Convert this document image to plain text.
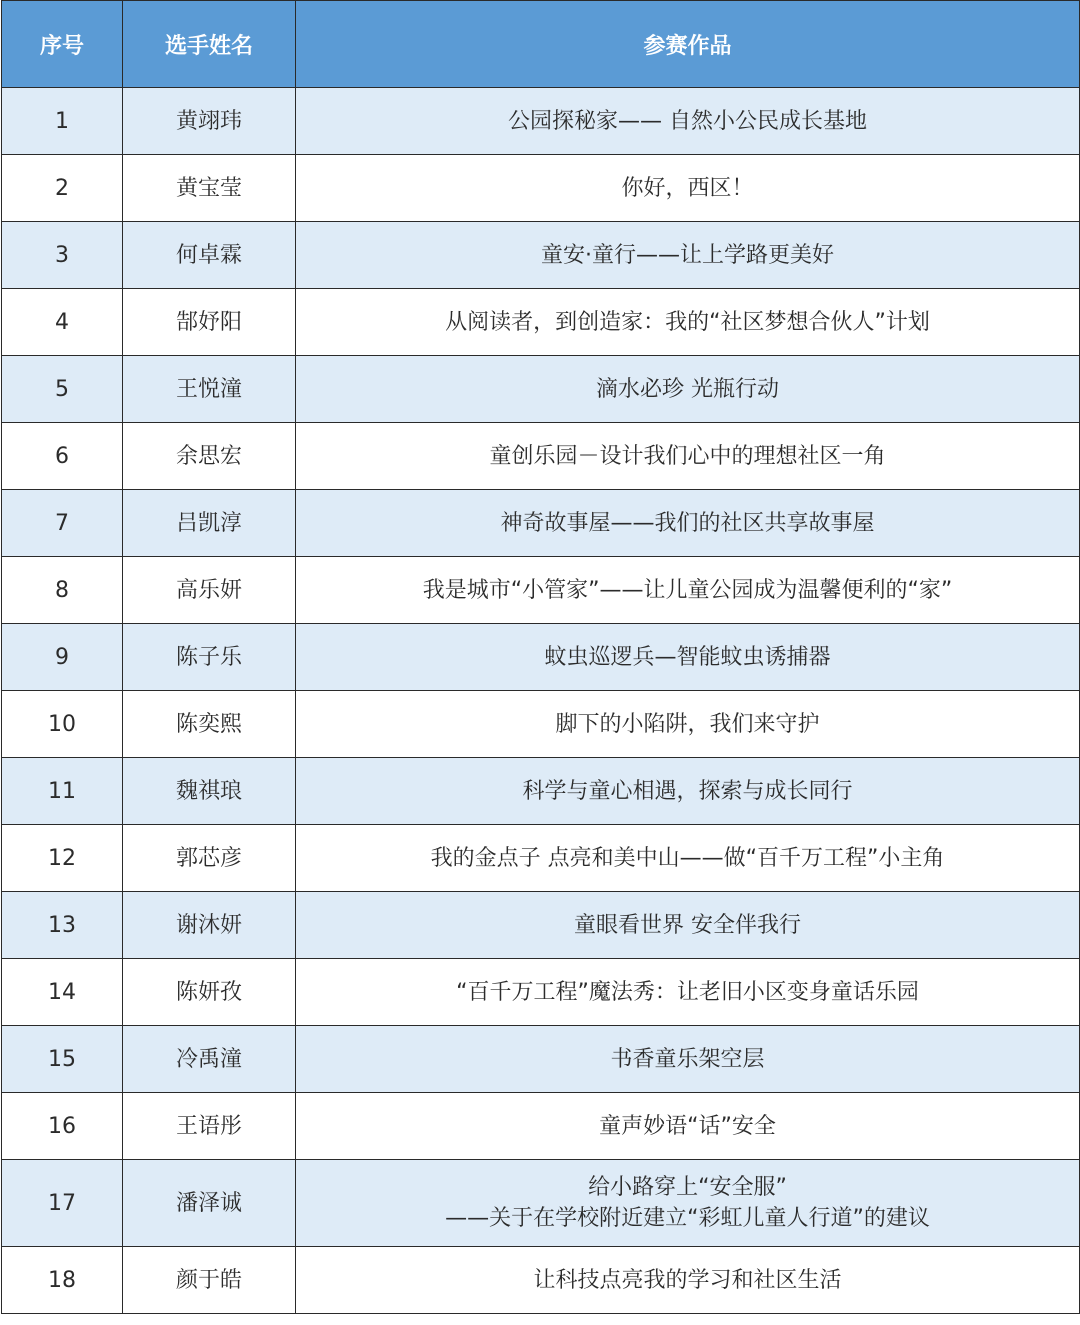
序号	选手姓名	参赛作品
1	黄翊玮	公园探秘家—— 自然小公民成长基地

2	黄宝莹	你好，西区！

3	何卓霖	童安·童行——让上学路更美好

4	郜妤阳	从阅读者，到创造家：我的“社区梦想合伙人”计划

5	王悦潼	滴水必珍 光瓶行动

6	余思宏	童创乐园－设计我们心中的理想社区一角

7	吕凯淳	神奇故事屋——我们的社区共享故事屋

8	高乐妍	我是城市“小管家”——让儿童公园成为温馨便利的“家”

9	陈子乐	蚊虫巡逻兵—智能蚊虫诱捕器

10	陈奕熙	脚下的小陷阱，我们来守护

11	魏祺琅	科学与童心相遇，探索与成长同行

12	郭芯彦	我的金点子 点亮和美中山——做“百千万工程”小主角

13	谢沐妍	童眼看世界 安全伴我行

14	陈妍孜	“百千万工程”魔法秀：让老旧小区变身童话乐园

15	冷禹潼	书香童乐架空层

16	王语彤	童声妙语“话”安全

17	潘泽诚	给小路穿上“安全服”
——关于在学校附近建立“彩虹儿童人行道”的建议

18	颜于皓	让科技点亮我的学习和社区生活
